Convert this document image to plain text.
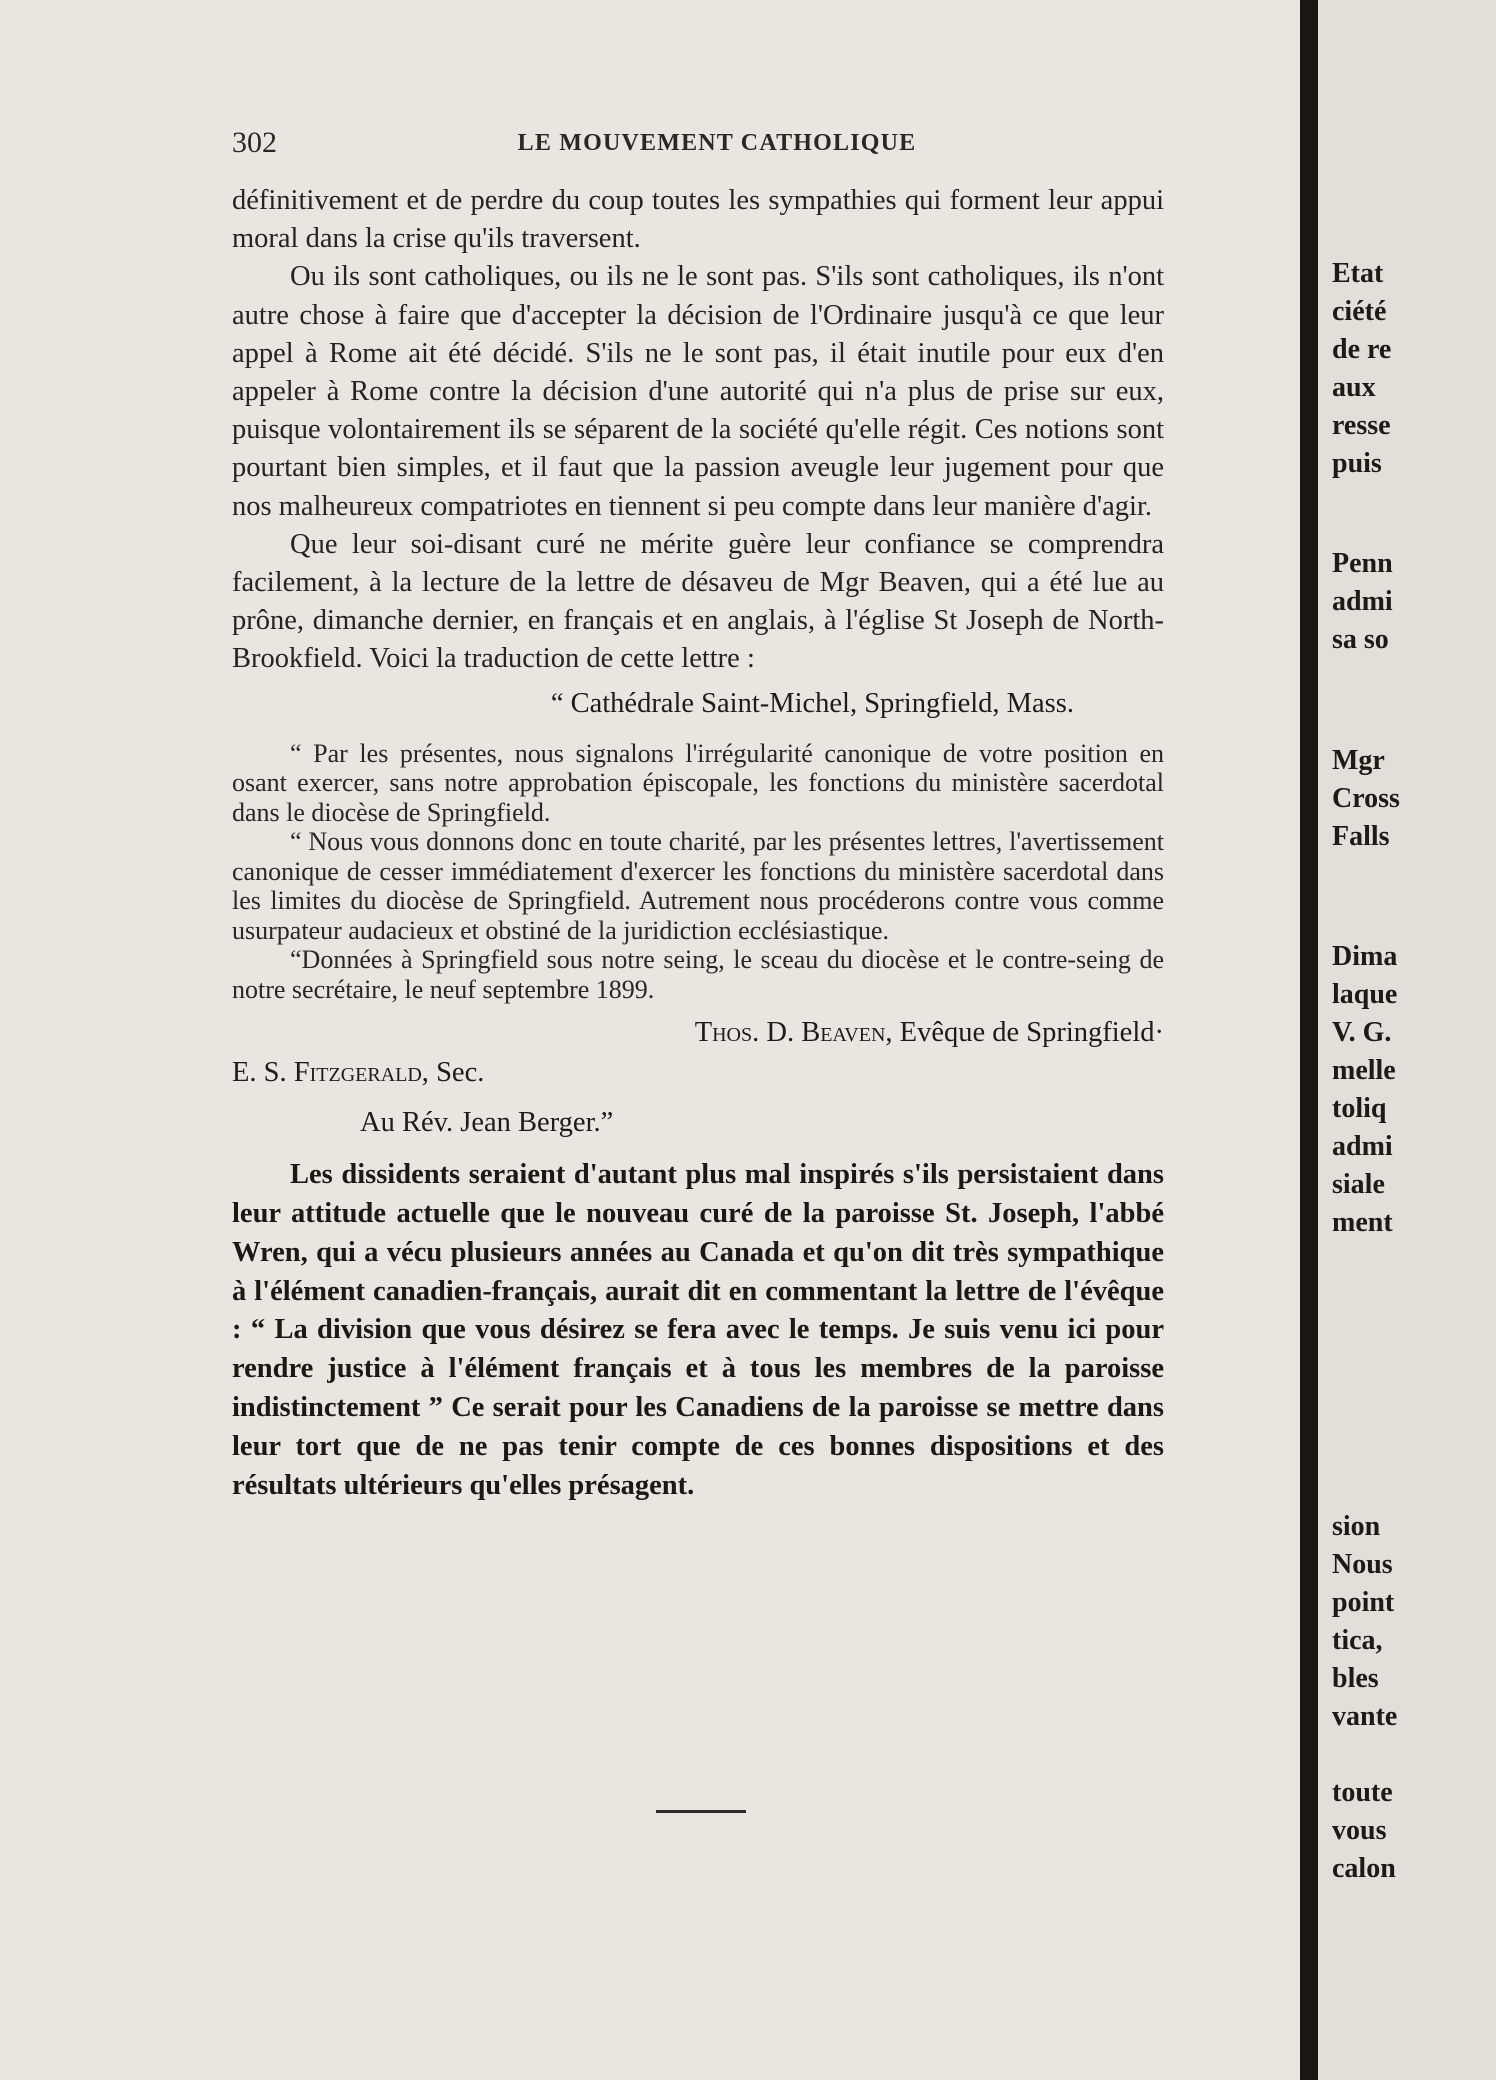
302	LE MOUVEMENT CATHOLIQUE

définitivement et de perdre du coup toutes les sympathies qui forment leur appui moral dans la crise qu'ils traversent.

Ou ils sont catholiques, ou ils ne le sont pas. S'ils sont catholiques, ils n'ont autre chose à faire que d'accepter la décision de l'Ordinaire jusqu'à ce que leur appel à Rome ait été décidé. S'ils ne le sont pas, il était inutile pour eux d'en appeler à Rome contre la décision d'une autorité qui n'a plus de prise sur eux, puisque volontairement ils se séparent de la société qu'elle régit. Ces notions sont pourtant bien simples, et il faut que la passion aveugle leur jugement pour que nos malheureux compatriotes en tiennent si peu compte dans leur manière d'agir.

Que leur soi-disant curé ne mérite guère leur confiance se comprendra facilement, à la lecture de la lettre de désaveu de Mgr Beaven, qui a été lue au prône, dimanche dernier, en français et en anglais, à l'église St Joseph de North-Brookfield. Voici la traduction de cette lettre :

“ Cathédrale Saint-Michel, Springfield, Mass.

“ Par les présentes, nous signalons l'irrégularité canonique de votre position en osant exercer, sans notre approbation épiscopale, les fonctions du ministère sacerdotal dans le diocèse de Springfield.

“ Nous vous donnons donc en toute charité, par les présentes lettres, l'avertissement canonique de cesser immédiatement d'exercer les fonctions du ministère sacerdotal dans les limites du diocèse de Springfield. Autrement nous procéderons contre vous comme usurpateur audacieux et obstiné de la juridiction ecclésiastique.

“Données à Springfield sous notre seing, le sceau du diocèse et le contre-seing de notre secrétaire, le neuf septembre 1899.

Thos. D. Beaven, Evêque de Springfield·

E. S. Fitzgerald, Sec.

Au Rév. Jean Berger.”

Les dissidents seraient d'autant plus mal inspirés s'ils persistaient dans leur attitude actuelle que le nouveau curé de la paroisse St. Joseph, l'abbé Wren, qui a vécu plusieurs années au Canada et qu'on dit très sympathique à l'élément canadien-français, aurait dit en commentant la lettre de l'évêque : “ La division que vous désirez se fera avec le temps. Je suis venu ici pour rendre justice à l'élément français et à tous les membres de la paroisse indistinctement ” Ce serait pour les Canadiens de la paroisse se mettre dans leur tort que de ne pas tenir compte de ces bonnes dispositions et des résultats ultérieurs qu'elles présagent.

Etat
ciété
de re
aux
resse
puis
Penn
admi
sa so
Mgr
Cross
Falls
Dima
laque
V. G.
melle
toliq
admi
siale
ment
sion
Nous
point
tica,
bles
vante
toute
vous
calon
